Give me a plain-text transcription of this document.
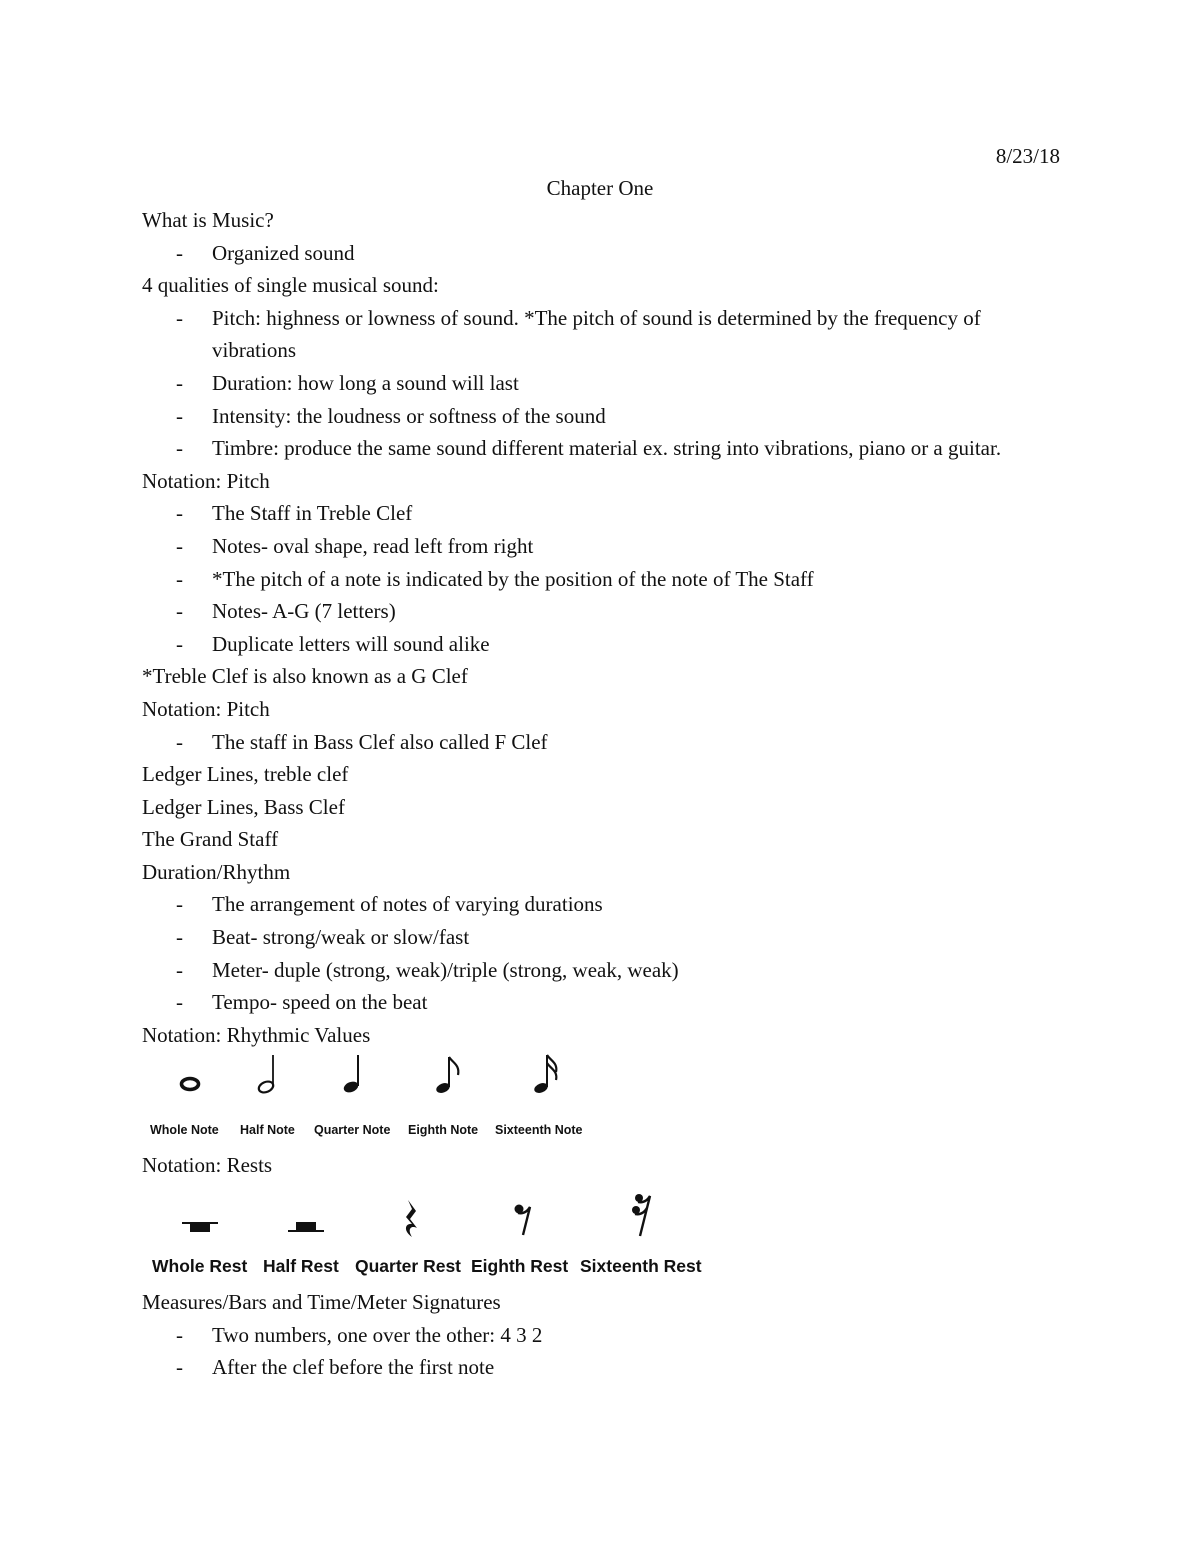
8/23/18
Chapter One

What is Music?

- Organized sound

4 qualities of single musical sound:

- Pitch: highness or lowness of sound. *The pitch of sound is determined by the frequency of vibrations

- Duration: how long a sound will last

- Intensity: the loudness or softness of the sound

- Timbre: produce the same sound different material ex. string into vibrations, piano or a guitar.

Notation: Pitch

- The Staff in Treble Clef

- Notes- oval shape, read left from right

- *The pitch of a note is indicated by the position of the note of The Staff

- Notes- A-G (7 letters)

- Duplicate letters will sound alike

*Treble Clef is also known as a G Clef

Notation: Pitch

- The staff in Bass Clef also called F Clef

Ledger Lines, treble clef

Ledger Lines, Bass Clef

The Grand Staff

Duration/Rhythm

- The arrangement of notes of varying durations

- Beat- strong/weak or slow/fast

- Meter- duple (strong, weak)/triple (strong, weak, weak)

- Tempo- speed on the beat

Notation: Rhythmic Values

Whole Note Half Note Quarter Note Eighth Note Sixteenth Note

Notation: Rests

Whole Rest Half Rest Quarter Rest Eighth Rest Sixteenth Rest

Measures/Bars and Time/Meter Signatures

- Two numbers, one over the other: 4 3 2

- After the clef before the first note
